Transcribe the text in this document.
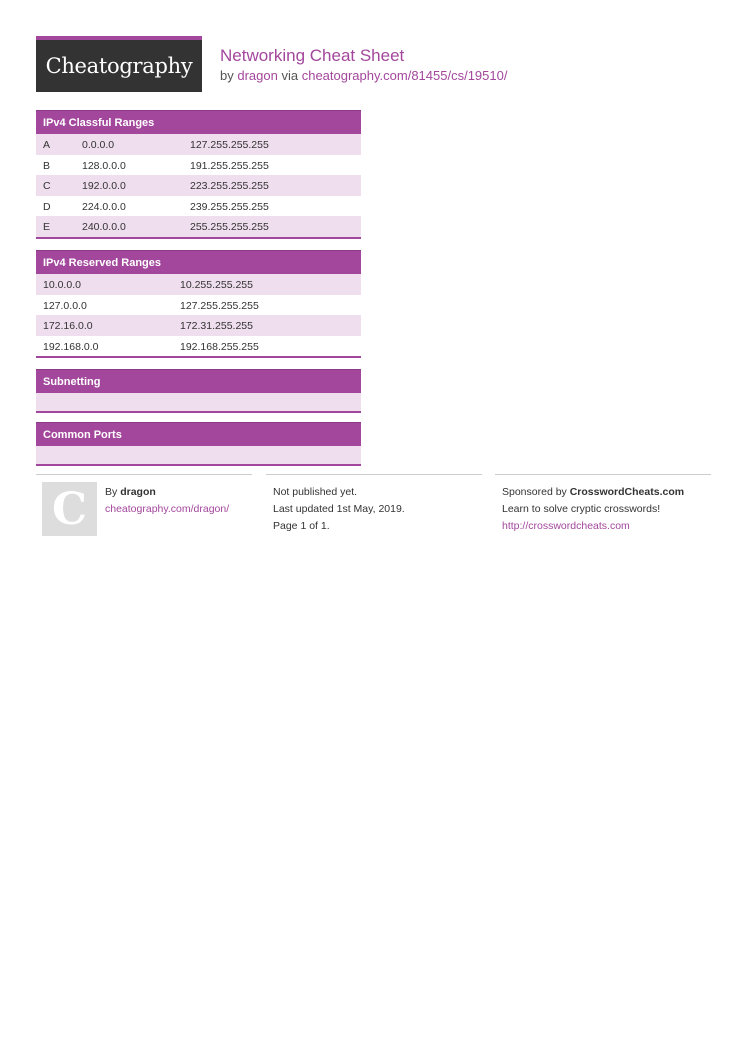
Cheatography Networking Cheat Sheet
by dragon via cheatography.com/81455/cs/19510/
IPv4 Classful Ranges
A	0.0.0.0	127.255.255.255
B	128.0.0.0	191.255.255.255
C	192.0.0.0	223.255.255.255
D	224.0.0.0	239.255.255.255
E	240.0.0.0	255.255.255.255
IPv4 Reserved Ranges
10.0.0.0	10.255.255.255
127.0.0.0	127.255.255.255
172.16.0.0	172.31.255.255
192.168.0.0	192.168.255.255
Subnetting
Common Ports
C By dragon
cheatography.com/dragon/
Not published yet.
Last updated 1st May, 2019.
Page 1 of 1.
Sponsored by CrosswordCheats.com
Learn to solve cryptic crosswords!
http://crosswordcheats.com
